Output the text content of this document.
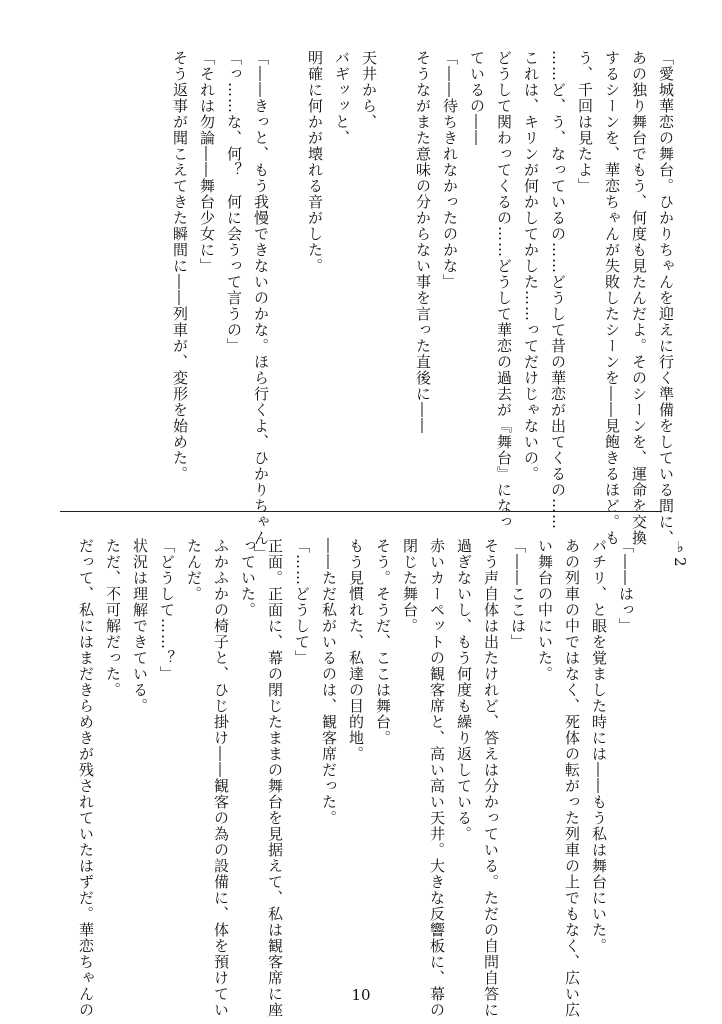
「愛城華恋の舞台。ひかりちゃんを迎えに行く準備をしている間に、
あの独り舞台でもう、何度も見たんだよ。そのシーンを、運命を交換
するシーンを、華恋ちゃんが失敗したシーンを――見飽きるほど。も
う、千回は見たよ」
……ど、う、なっているの……どうして昔の華恋が出てくるの……
これは、キリンが何かしてかした……ってだけじゃないの。
どうして関わってくるの……どうして華恋の過去が『舞台』になっ
ているの――
「――待ちきれなかったのかな」
そうながまた意味の分からない事を言った直後に――

天井から、
バギッッと、
明確に何かが壊れる音がした。

「――きっと、もう我慢できないのかな。ほら行くよ、ひかりちゃん」
「っ……な、何？　何に会うって言うの」
「それは勿論――舞台少女に」
そう返事が聞こえてきた瞬間に――列車が、変形を始めた。
♭2

「――はっ」
パチリ、と眼を覚ました時には――もう私は舞台にいた。
あの列車の中ではなく、死体の転がった列車の上でもなく、広い広
い舞台の中にいた。
「――ここは」
そう声自体は出たけれど、答えは分かっている。ただの自問自答に
過ぎないし、もう何度も繰り返している。
赤いカーペットの観客席と、高い高い天井。大きな反響板に、幕の
閉じた舞台。
そう。そうだ、ここは舞台。
もう見慣れた、私達の目的地。
――ただ私がいるのは、観客席だった。
「……どうして」
正面。正面に、幕の閉じたままの舞台を見据えて、私は観客席に座
っていた。
ふかふかの椅子と、ひじ掛け――観客の為の設備に、体を預けてい
たんだ。
「どうして……？」
状況は理解できている。
ただ、不可解だった。
だって、私にはまだきらめきが残されていたはずだ。華恋ちゃんの	10
